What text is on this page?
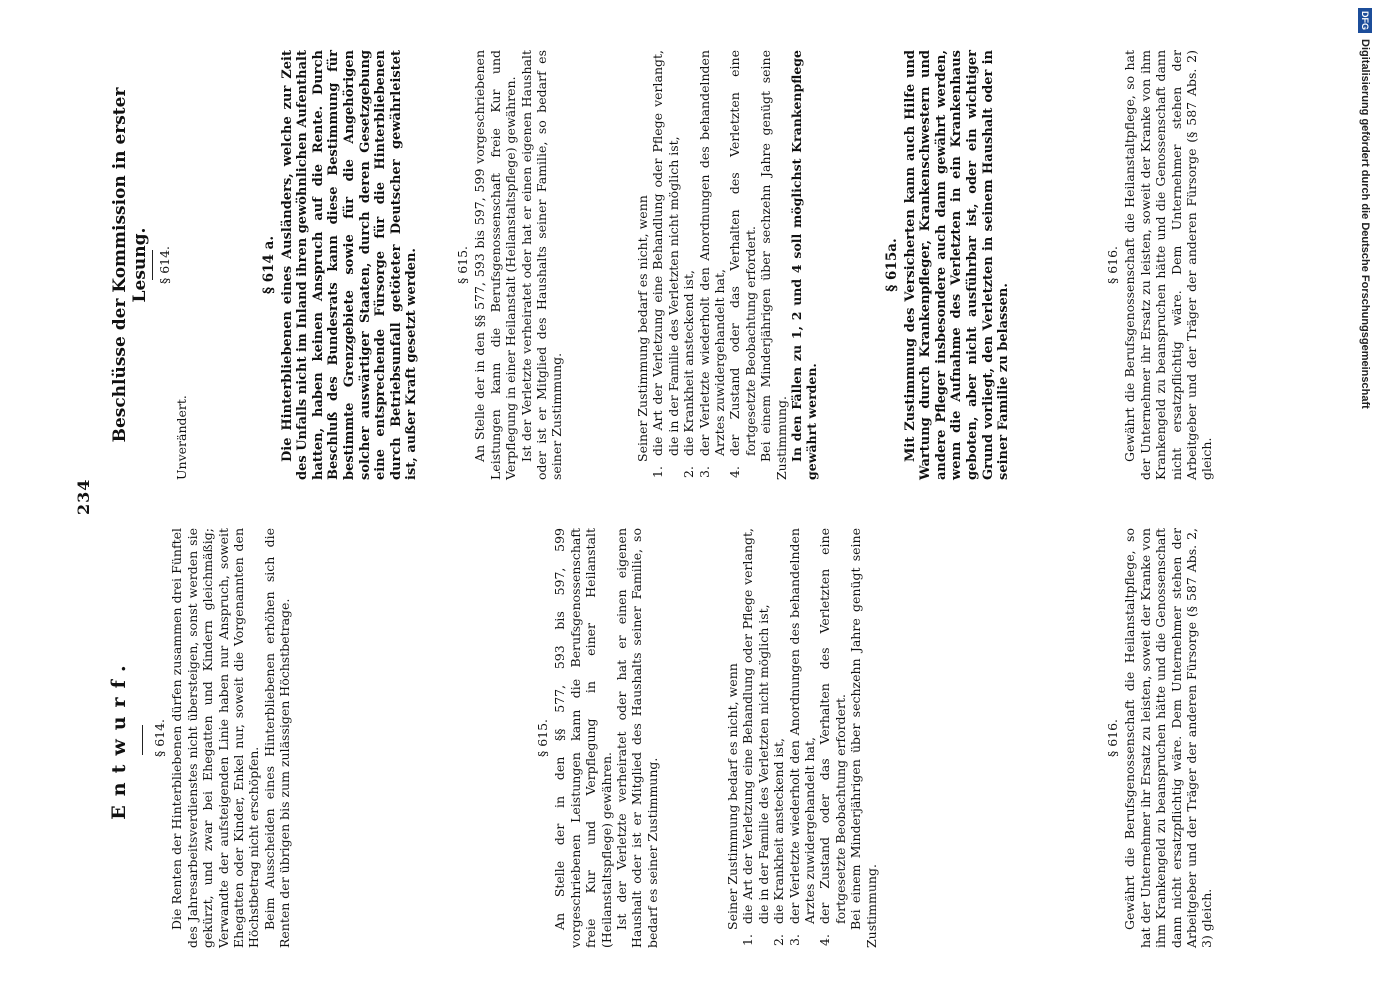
234
Entwurf. § 614. Die Renten der Hinterbliebenen dürfen zusammen drei Fünftel des Jahresarbeitsverdienstes nicht übersteigen, sonst werden sie gekürzt, und zwar bei Ehegatten und Kindern gleichmäßig; Verwandte der aufsteigenden Linie haben nur Anspruch, soweit Ehegatten oder Kinder, Enkel nur, soweit die Vorgenannten den Höchstbetrag nicht erschöpfen. Beim Ausscheiden eines Hinterbliebenen erhöhen sich die Renten der übrigen bis zum zulässigen Höchstbetrage.	§ 615. An Stelle der in den §§ 577, 593 bis 597, 599 vorgeschriebenen Leistungen kann die Berufsgenossenschaft freie Kur und Verpflegung in einer Heilanstalt (Heilanstaltspflege) gewähren. Ist der Verletzte verheiratet oder hat er einen eigenen Haushalt oder ist er Mitglied des Haushalts seiner Familie, so bedarf es seiner Zustimmung.	Seiner Zustimmung bedarf es nicht, wenn

1.
die Art der Verletzung eine Behandlung oder Pflege verlangt, die in der Familie des Verletzten nicht möglich ist,
2.
die Krankheit ansteckend ist,
3.
der Verletzte wiederholt den Anordnungen des behandelnden Arztes zuwidergehandelt hat,
4.
der Zustand oder das Verhalten des Verletzten eine fortgesetzte Beobachtung erfordert. Bei einem Minderjährigen über sechzehn Jahre genügt seine Zustimmung.

§ 616. Gewährt die Berufsgenossenschaft die Heilanstaltpflege, so hat der Unternehmer ihr Ersatz zu leisten, soweit der Kranke von ihm Krankengeld zu beanspruchen hätte und die Genossenschaft dann nicht ersatzpflichtig wäre. Dem Unternehmer stehen der Arbeitgeber und der Träger der anderen Fürsorge (§ 587 Abs. 2, 3) gleich.

Beschlüsse der Kommission in erster Lesung. § 614.

Unverändert.

§ 614 a. Die Hinterbliebenen eines Ausländers, welche zur Zeit des Unfalls nicht im Inland ihren gewöhnlichen Aufenthalt hatten, haben keinen Anspruch auf die Rente. Durch Beschluß des Bundesrats kann diese Bestimmung für bestimmte Grenzgebiete sowie für die Angehörigen solcher auswärtiger Staaten, durch deren Gesetzgebung eine entsprechende Fürsorge für die Hinterbliebenen durch Betriebsunfall getöteter Deutscher gewährleistet ist, außer Kraft gesetzt werden.	§ 615. An Stelle der in den §§ 577, 593 bis 597, 599 vorgeschriebenen Leistungen kann die Berufsgenossenschaft freie Kur und Verpflegung in einer Heilanstalt (Heilanstaltspflege) gewähren. Ist der Verletzte verheiratet oder hat er einen eigenen Haushalt oder ist er Mitglied des Haushalts seiner Familie, so bedarf es seiner Zustimmung.	Seiner Zustimmung bedarf es nicht, wenn

1.
die Art der Verletzung eine Behandlung oder Pflege verlangt, die in der Familie des Verletzten nicht möglich ist,
2.
die Krankheit ansteckend ist,
3.
der Verletzte wiederholt den Anordnungen des behandelnden Arztes zuwidergehandelt hat,
4.
der Zustand oder das Verhalten des Verletzten eine fortgesetzte Beobachtung erfordert. Bei einem Minderjährigen über sechzehn Jahre genügt seine Zustimmung. In den Fällen zu 1, 2 und 4 soll möglichst Krankenpflege gewährt werden.

§ 615a. Mit Zustimmung des Versicherten kann auch Hilfe und Wartung durch Krankenpfleger, Krankenschwestern und andere Pfleger insbesondere auch dann gewährt werden, wenn die Aufnahme des Verletzten in ein Krankenhaus geboten, aber nicht ausführbar ist, oder ein wichtiger Grund vorliegt, den Verletzten in seinem Haushalt oder in seiner Familie zu belassen.

§ 616. Gewährt die Berufsgenossenschaft die Heilanstaltpflege, so hat der Unternehmer ihr Ersatz zu leisten, soweit der Kranke von ihm Krankengeld zu beanspruchen hätte und die Genossenschaft dann nicht ersatzpflichtig wäre. Dem Unternehmer stehen der Arbeitgeber und der Träger der anderen Fürsorge (§ 587 Abs. 2) gleich.

DFG
Digitalisierung gefördert durch die Deutsche Forschungsgemeinschaft
